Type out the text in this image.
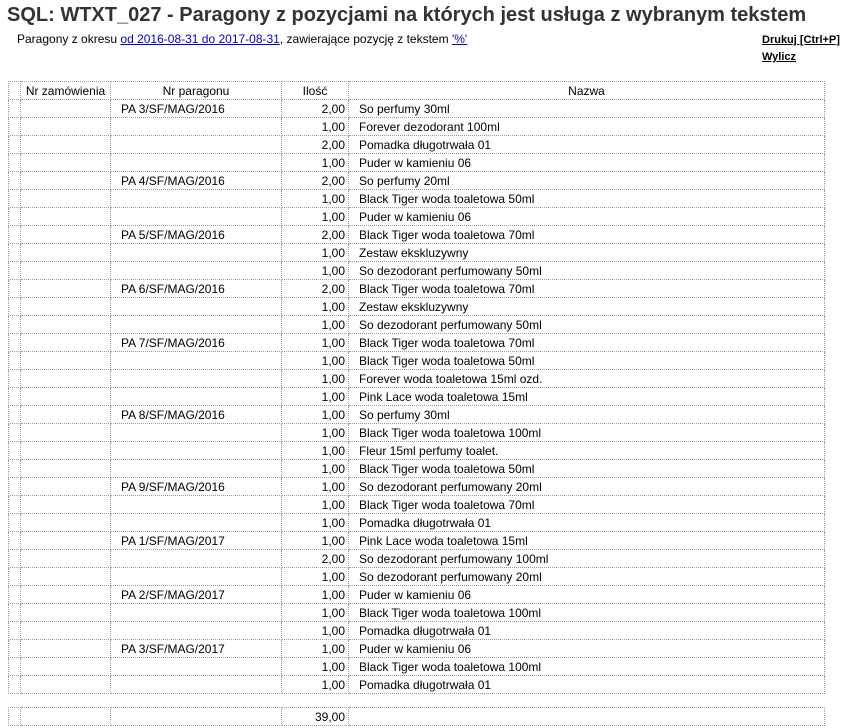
SQL: WTXT_027 - Paragony z pozycjami na których jest usługa z wybranym tekstem
Paragony z okresu od 2016-08-31 do 2017-08-31, zawierające pozycję z tekstem '%'	Drukuj [Ctrl+P]
Wylicz
	Nr zamówienia	Nr paragonu	Ilość	Nazwa
		PA 3/SF/MAG/2016	2,00	So perfumy 30ml
			1,00	Forever dezodorant 100ml
			2,00	Pomadka długotrwała 01
			1,00	Puder w kamieniu 06
		PA 4/SF/MAG/2016	2,00	So perfumy 20ml
			1,00	Black Tiger woda toaletowa 50ml
			1,00	Puder w kamieniu 06
		PA 5/SF/MAG/2016	2,00	Black Tiger woda toaletowa 70ml
			1,00	Zestaw ekskluzywny
			1,00	So dezodorant perfumowany 50ml
		PA 6/SF/MAG/2016	2,00	Black Tiger woda toaletowa 70ml
			1,00	Zestaw ekskluzywny
			1,00	So dezodorant perfumowany 50ml
		PA 7/SF/MAG/2016	1,00	Black Tiger woda toaletowa 70ml
			1,00	Black Tiger woda toaletowa 50ml
			1,00	Forever woda toaletowa 15ml ozd.
			1,00	Pink Lace woda toaletowa 15ml
		PA 8/SF/MAG/2016	1,00	So perfumy 30ml
			1,00	Black Tiger woda toaletowa 100ml
			1,00	Fleur 15ml perfumy toalet.
			1,00	Black Tiger woda toaletowa 50ml
		PA 9/SF/MAG/2016	1,00	So dezodorant perfumowany 20ml
			1,00	Black Tiger woda toaletowa 70ml
			1,00	Pomadka długotrwała 01
		PA 1/SF/MAG/2017	1,00	Pink Lace woda toaletowa 15ml
			2,00	So dezodorant perfumowany 100ml
			1,00	So dezodorant perfumowany 20ml
		PA 2/SF/MAG/2017	1,00	Puder w kamieniu 06
			1,00	Black Tiger woda toaletowa 100ml
			1,00	Pomadka długotrwała 01
		PA 3/SF/MAG/2017	1,00	Puder w kamieniu 06
			1,00	Black Tiger woda toaletowa 100ml
			1,00	Pomadka długotrwała 01
			39,00	
